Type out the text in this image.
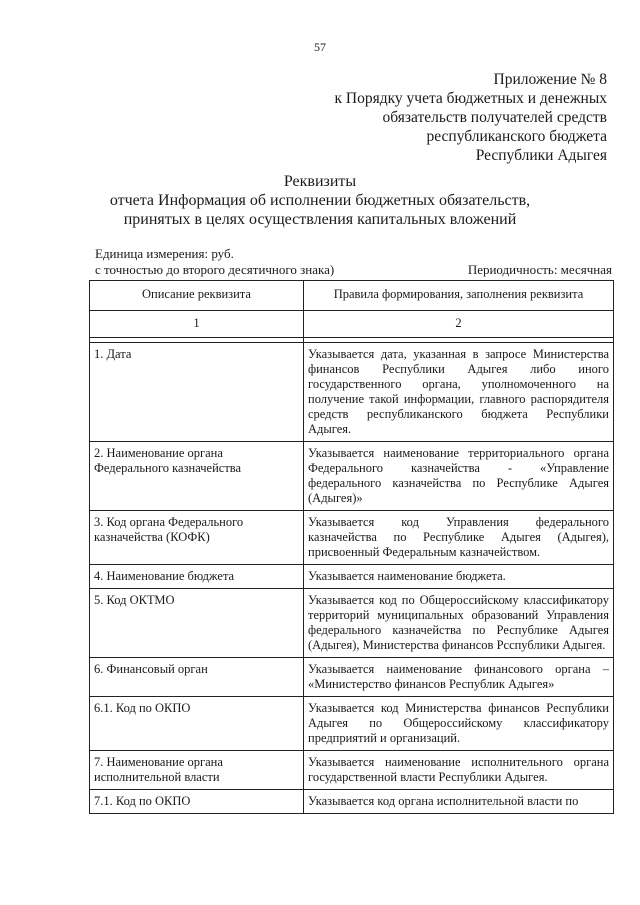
57
Приложение № 8
к Порядку учета бюджетных и денежных
обязательств получателей средств
республиканского бюджета
Республики Адыгея
Реквизиты
отчета Информация об исполнении бюджетных обязательств,
принятых в целях осуществления капитальных вложений
Единица измерения: руб.
с точностью до второго десятичного знака)	Периодичность: месячная
Описание реквизита	Правила формирования, заполнения реквизита
1	2

1. Дата	Указывается дата, указанная в запросе Министерства финансов Республики Адыгея либо иного государственного органа, уполномоченного на получение такой информации, главного распорядителя средств республиканского бюджета Республики Адыгея.
2. Наименование органа Федерального казначейства	Указывается наименование территориального органа Федерального казначейства - «Управление федерального казначейства по Республике Адыгея (Адыгея)»
3. Код органа Федерального казначейства (КОФК)	Указывается код Управления федерального казначейства по Республике Адыгея (Адыгея), присвоенный Федеральным казначейством.
4. Наименование бюджета	Указывается наименование бюджета.
5. Код ОКТМО	Указывается код по Общероссийскому классификатору территорий муниципальных образований Управления федерального казначейства по Республике Адыгея (Адыгея), Министерства финансов Рсспублики Адыгея.
6. Финансовый орган	Указывается наименование финансового органа – «Министерство финансов Республик Адыгея»
6.1. Код по ОКПО	Указывается код Министерства финансов Республики Адыгея по Общероссийскому классификатору предприятий и организаций.
7. Наименование органа исполнительной власти	Указывается наименование исполнительного органа государственной власти Республики Адыгея.
7.1. Код по ОКПО	Указывается код органа исполнительной власти по
